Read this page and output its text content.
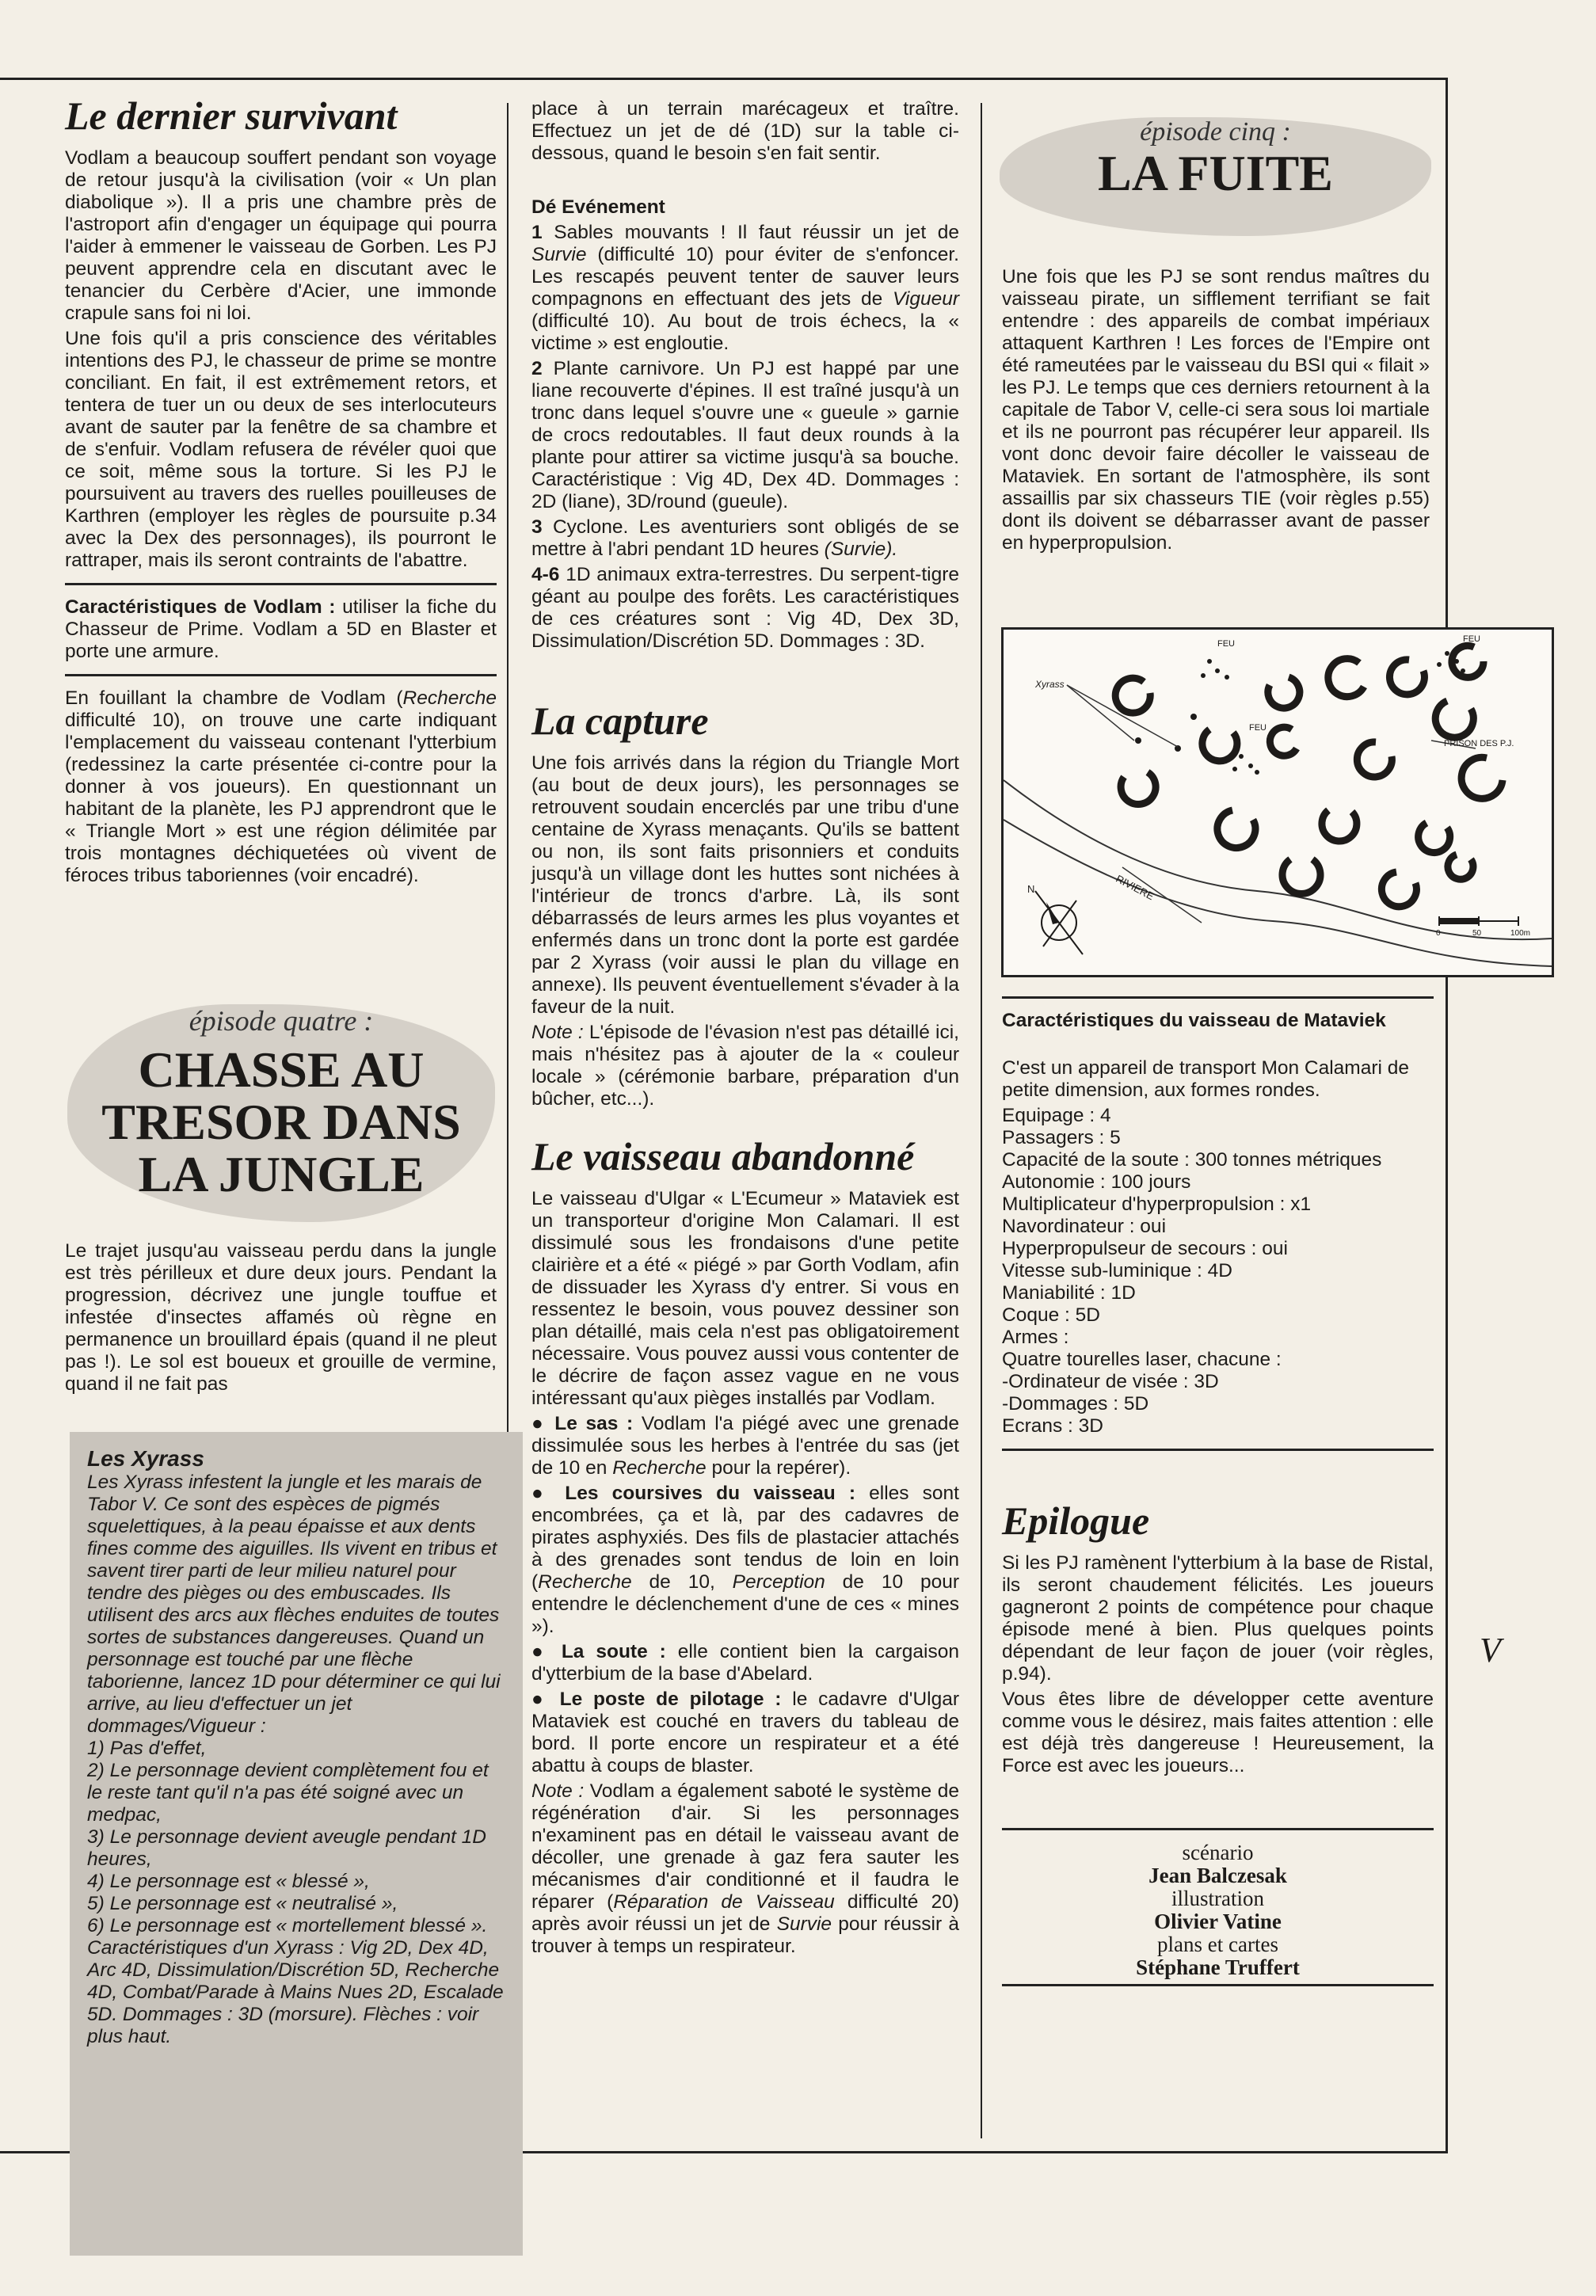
Le dernier survivant

Vodlam a beaucoup souffert pendant son voyage de retour jusqu'à la civilisation (voir « Un plan diabolique »). Il a pris une chambre près de l'astroport afin d'engager un équipage qui pourra l'aider à emmener le vaisseau de Gorben. Les PJ peuvent apprendre cela en discutant avec le tenancier du Cerbère d'Acier, une immonde crapule sans foi ni loi.

Une fois qu'il a pris conscience des véritables intentions des PJ, le chasseur de prime se montre conciliant. En fait, il est extrêmement retors, et tentera de tuer un ou deux de ses interlocuteurs avant de sauter par la fenêtre de sa chambre et de s'enfuir. Vodlam refusera de révéler quoi que ce soit, même sous la torture. Si les PJ le poursuivent au travers des ruelles pouilleuses de Karthren (employer les règles de poursuite p.34 avec la Dex des personnages), ils pourront le rattraper, mais ils seront contraints de l'abattre.

Caractéristiques de Vodlam : utiliser la fiche du Chasseur de Prime. Vodlam a 5D en Blaster et porte une armure.

En fouillant la chambre de Vodlam (Recherche difficulté 10), on trouve une carte indiquant l'emplacement du vaisseau contenant l'ytterbium (redessinez la carte présentée ci-contre pour la donner à vos joueurs). En questionnant un habitant de la planète, les PJ apprendront que le « Triangle Mort » est une région délimitée par trois montagnes déchiquetées où vivent de féroces tribus taboriennes (voir encadré).

épisode quatre :
CHASSE AU TRESOR DANS LA JUNGLE

Le trajet jusqu'au vaisseau perdu dans la jungle est très périlleux et dure deux jours. Pendant la progression, décrivez une jungle touffue et infestée d'insectes affamés où règne en permanence un brouillard épais (quand il ne pleut pas !). Le sol est boueux et grouille de vermine, quand il ne fait pas

Les Xyrass

Les Xyrass infestent la jungle et les marais de Tabor V. Ce sont des espèces de pigmés squelettiques, à la peau épaisse et aux dents fines comme des aiguilles. Ils vivent en tribus et savent tirer parti de leur milieu naturel pour tendre des pièges ou des embuscades. Ils utilisent des arcs aux flèches enduites de toutes sortes de substances dangereuses. Quand un personnage est touché par une flèche taborienne, lancez 1D pour déterminer ce qui lui arrive, au lieu d'effectuer un jet dommages/Vigueur :

1) Pas d'effet,

2) Le personnage devient complètement fou et le reste tant qu'il n'a pas été soigné avec un medpac,

3) Le personnage devient aveugle pendant 1D heures,

4) Le personnage est « blessé »,

5) Le personnage est « neutralisé »,

6) Le personnage est « mortellement blessé ».

Caractéristiques d'un Xyrass : Vig 2D, Dex 4D, Arc 4D, Dissimulation/Discrétion 5D, Recherche 4D, Combat/Parade à Mains Nues 2D, Escalade 5D. Dommages : 3D (morsure). Flèches : voir plus haut.

place à un terrain marécageux et traître. Effectuez un jet de dé (1D) sur la table ci-dessous, quand le besoin s'en fait sentir.

Dé Evénement

1 Sables mouvants ! Il faut réussir un jet de Survie (difficulté 10) pour éviter de s'enfoncer. Les rescapés peuvent tenter de sauver leurs compagnons en effectuant des jets de Vigueur (difficulté 10). Au bout de trois échecs, la « victime » est engloutie.

2 Plante carnivore. Un PJ est happé par une liane recouverte d'épines. Il est traîné jusqu'à un tronc dans lequel s'ouvre une « gueule » garnie de crocs redoutables. Il faut deux rounds à la plante pour attirer sa victime jusqu'à sa bouche. Caractéristique : Vig 4D, Dex 4D. Dommages : 2D (liane), 3D/round (gueule).

3 Cyclone. Les aventuriers sont obligés de se mettre à l'abri pendant 1D heures (Survie).

4-6 1D animaux extra-terrestres. Du serpent-tigre géant au poulpe des forêts. Les caractéristiques de ces créatures sont : Vig 4D, Dex 3D, Dissimulation/Discrétion 5D. Dommages : 3D.

La capture

Une fois arrivés dans la région du Triangle Mort (au bout de deux jours), les personnages se retrouvent soudain encerclés par une tribu d'une centaine de Xyrass menaçants. Qu'ils se battent ou non, ils sont faits prisonniers et conduits jusqu'à un village dont les huttes sont nichées à l'intérieur de troncs d'arbre. Là, ils sont débarrassés de leurs armes les plus voyantes et enfermés dans un tronc dont la porte est gardée par 2 Xyrass (voir aussi le plan du village en annexe). Ils peuvent éventuellement s'évader à la faveur de la nuit.

Note : L'épisode de l'évasion n'est pas détaillé ici, mais n'hésitez pas à ajouter de la « couleur locale » (cérémonie barbare, préparation d'un bûcher, etc...).

Le vaisseau abandonné

Le vaisseau d'Ulgar « L'Ecumeur » Mataviek est un transporteur d'origine Mon Calamari. Il est dissimulé sous les frondaisons d'une petite clairière et a été « piégé » par Gorth Vodlam, afin de dissuader les Xyrass d'y entrer. Si vous en ressentez le besoin, vous pouvez dessiner son plan détaillé, mais cela n'est pas obligatoirement nécessaire. Vous pouvez aussi vous contenter de le décrire de façon assez vague en ne vous intéressant qu'aux pièges installés par Vodlam.

● Le sas : Vodlam l'a piégé avec une grenade dissimulée sous les herbes à l'entrée du sas (jet de 10 en Recherche pour la repérer).

● Les coursives du vaisseau : elles sont encombrées, ça et là, par des cadavres de pirates asphyxiés. Des fils de plastacier attachés à des grenades sont tendus de loin en loin (Recherche de 10, Perception de 10 pour entendre le déclenchement d'une de ces « mines »).

● La soute : elle contient bien la cargaison d'ytterbium de la base d'Abelard.

● Le poste de pilotage : le cadavre d'Ulgar Mataviek est couché en travers du tableau de bord. Il porte encore un respirateur et a été abattu à coups de blaster.

Note : Vodlam a également saboté le système de régénération d'air. Si les personnages n'examinent pas en détail le vaisseau avant de décoller, une grenade à gaz fera sauter les mécanismes d'air conditionné et il faudra le réparer (Réparation de Vaisseau difficulté 20) après avoir réussi un jet de Survie pour réussir à trouver à temps un respirateur.

épisode cinq :
LA FUITE

Une fois que les PJ se sont rendus maîtres du vaisseau pirate, un sifflement terrifiant se fait entendre : des appareils de combat impériaux attaquent Karthren ! Les forces de l'Empire ont été rameutées par le vaisseau du BSI qui « filait » les PJ. Le temps que ces derniers retournent à la capitale de Tabor V, celle-ci sera sous loi martiale et ils ne pourront pas récupérer leur appareil. Ils vont donc devoir faire décoller le vaisseau de Mataviek. En sortant de l'atmosphère, ils sont assaillis par six chasseurs TIE (voir règles p.55) dont ils doivent se débarrasser avant de passer en hyperpropulsion.

Xyrass
FEU
FEU
FEU
PRISON DES P.J.
RIVIERE
N
0	50	100m

Caractéristiques du vaisseau de Mataviek

C'est un appareil de transport Mon Calamari de petite dimension, aux formes rondes.

Equipage : 4
Passagers : 5
Capacité de la soute : 300 tonnes métriques
Autonomie : 100 jours
Multiplicateur d'hyperpropulsion : x1
Navordinateur : oui
Hyperpropulseur de secours : oui
Vitesse sub-luminique : 4D
Maniabilité : 1D
Coque : 5D
Armes :
Quatre tourelles laser, chacune :
-Ordinateur de visée : 3D
-Dommages : 5D
Ecrans : 3D
Epilogue

Si les PJ ramènent l'ytterbium à la base de Ristal, ils seront chaudement félicités. Les joueurs gagneront 2 points de compétence pour chaque épisode mené à bien. Plus quelques points dépendant de leur façon de jouer (voir règles, p.94).

Vous êtes libre de développer cette aventure comme vous le désirez, mais faites attention : elle est déjà très dangereuse ! Heureusement, la Force est avec les joueurs...

scénario
Jean Balczesak
illustration
Olivier Vatine
plans et cartes
Stéphane Truffert
V
